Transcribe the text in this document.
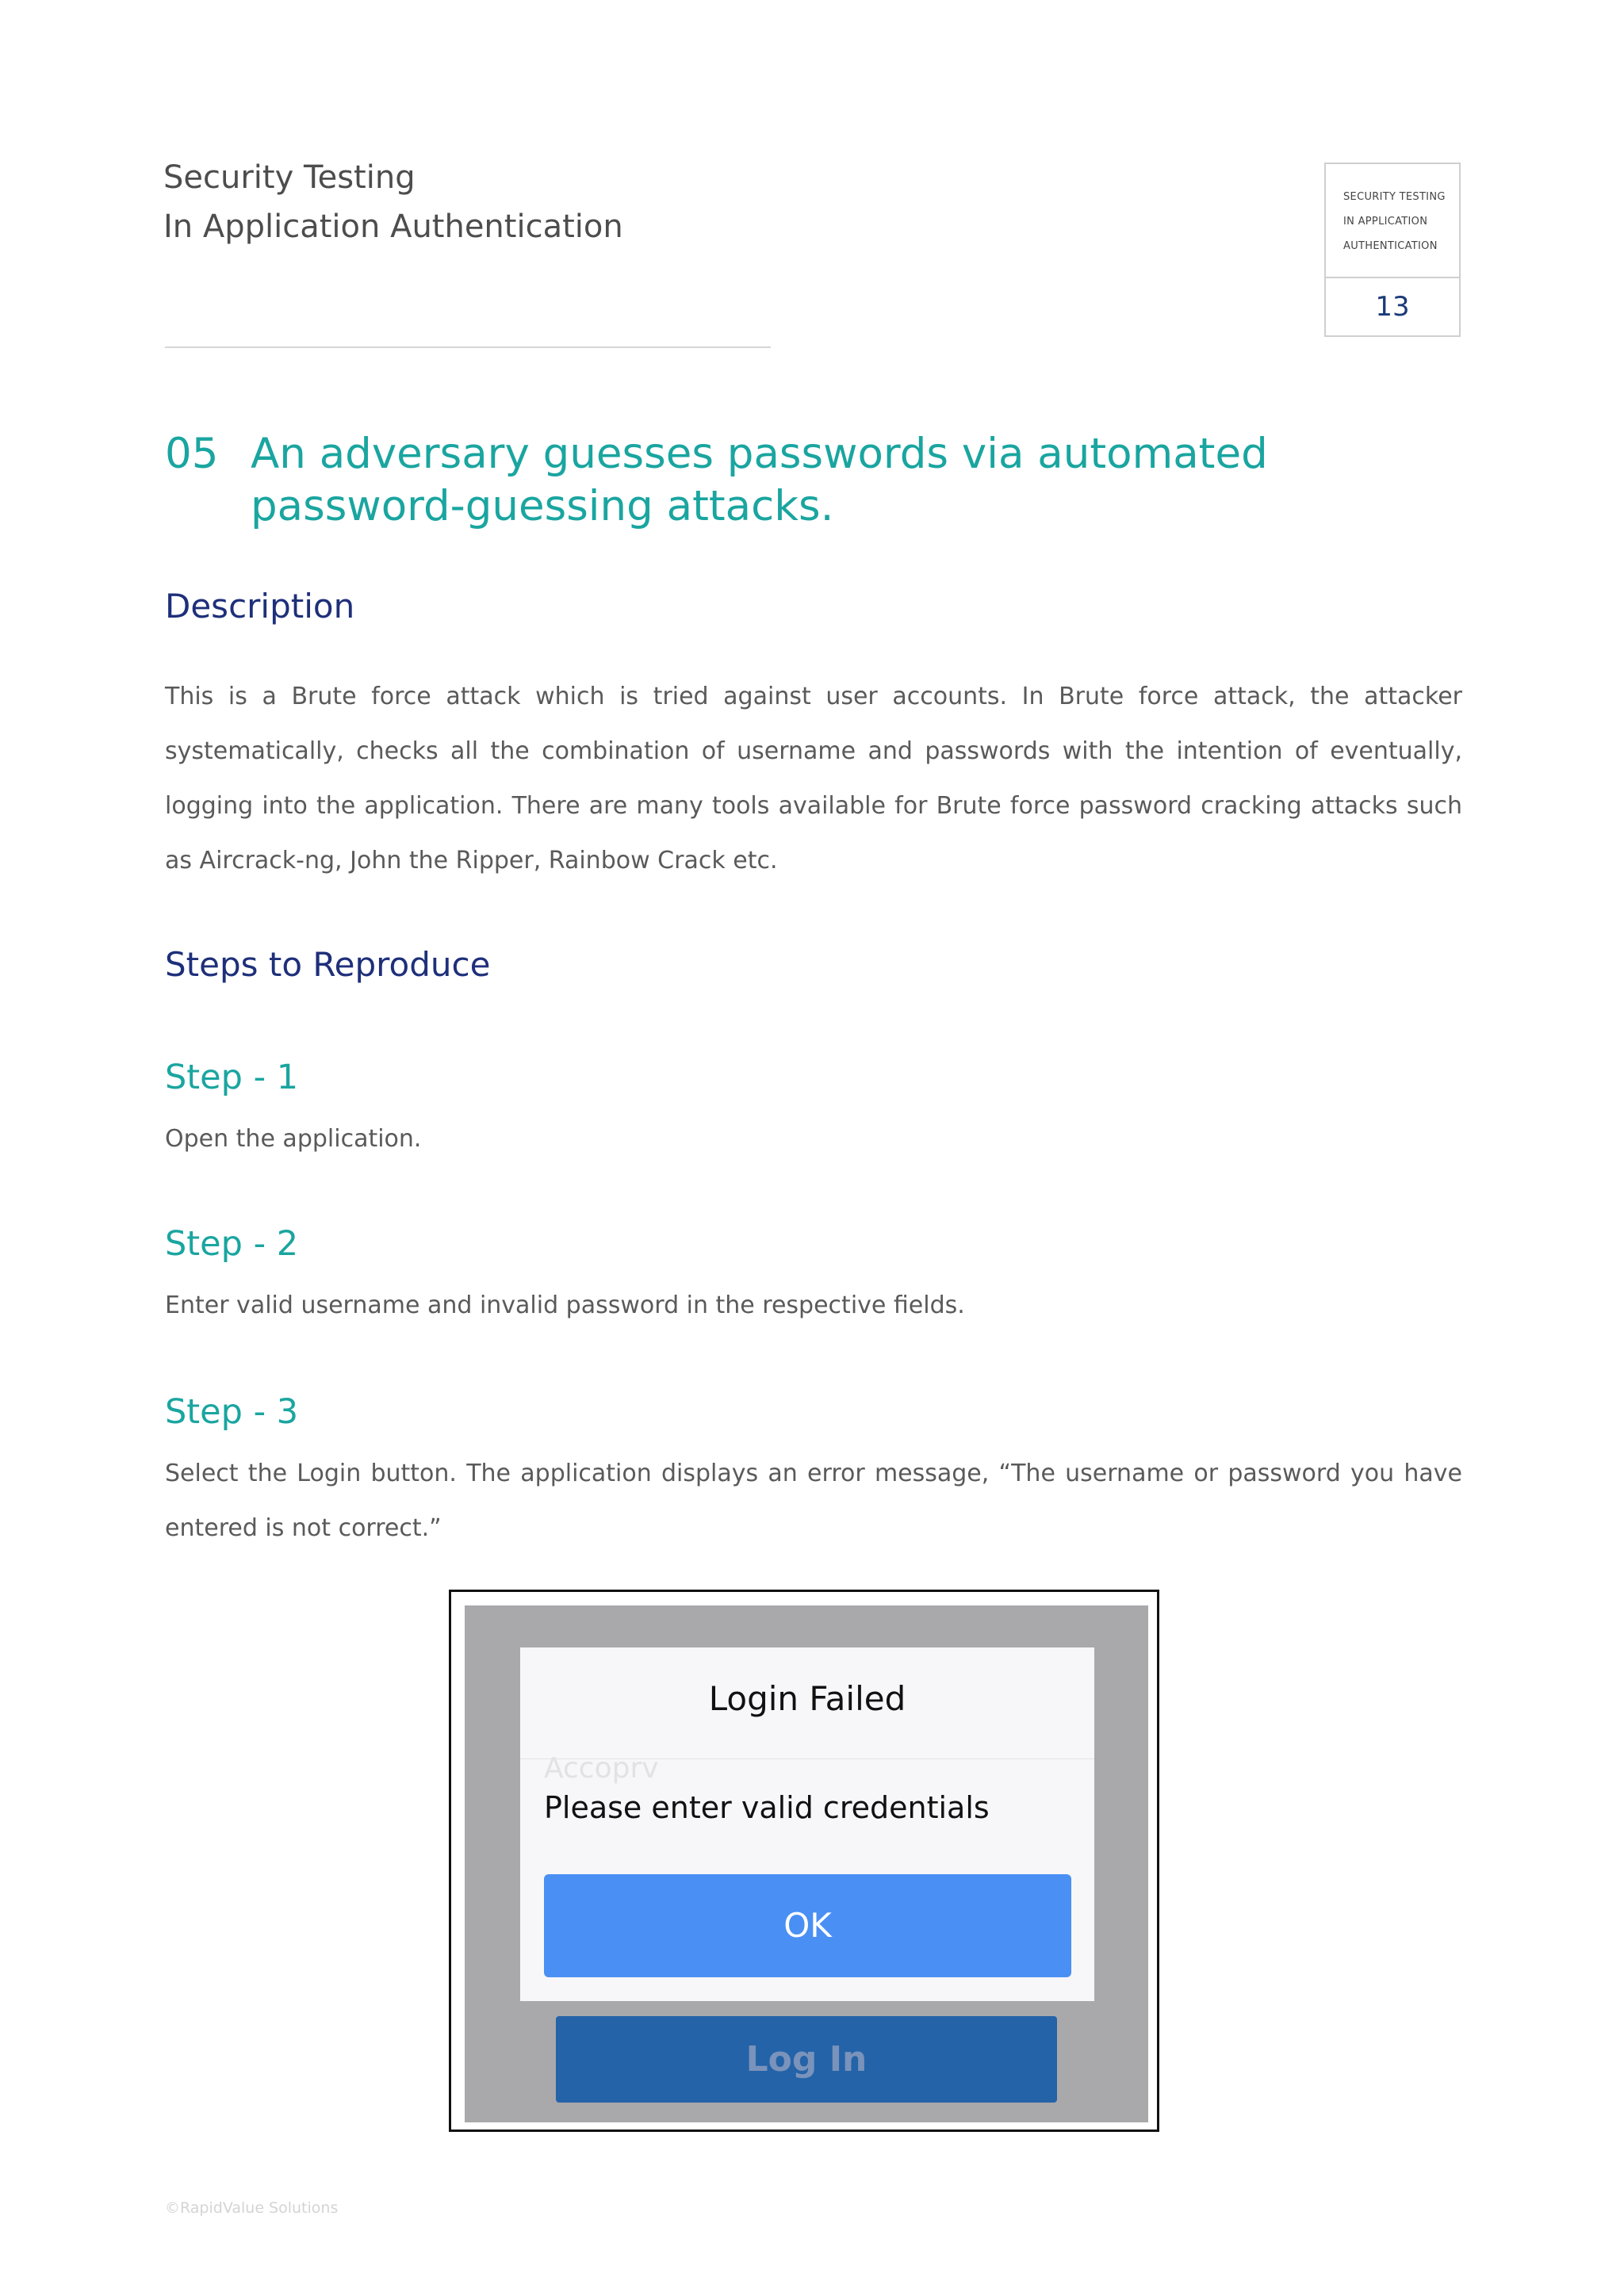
Security Testing
In Application Authentication
SECURITY TESTING
IN APPLICATION
AUTHENTICATION
13
05 An adversary guesses passwords via automated password-guessing attacks.
Description

This is a Brute force attack which is tried against user accounts. In Brute force attack, the attacker systematically, checks all the combination of username and passwords with the intention of eventually, logging into the application. There are many tools available for Brute force password cracking attacks such as Aircrack-ng, John the Ripper, Rainbow Crack etc.

Steps to Reproduce
Step - 1

Open the application.

Step - 2

Enter valid username and invalid password in the respective fields.

Step - 3

Select the Login button. The application displays an error message, “The username or password you have entered is not correct.”

Log In
Login Failed
Accoprv
Please enter valid credentials
OK
©RapidValue Solutions
